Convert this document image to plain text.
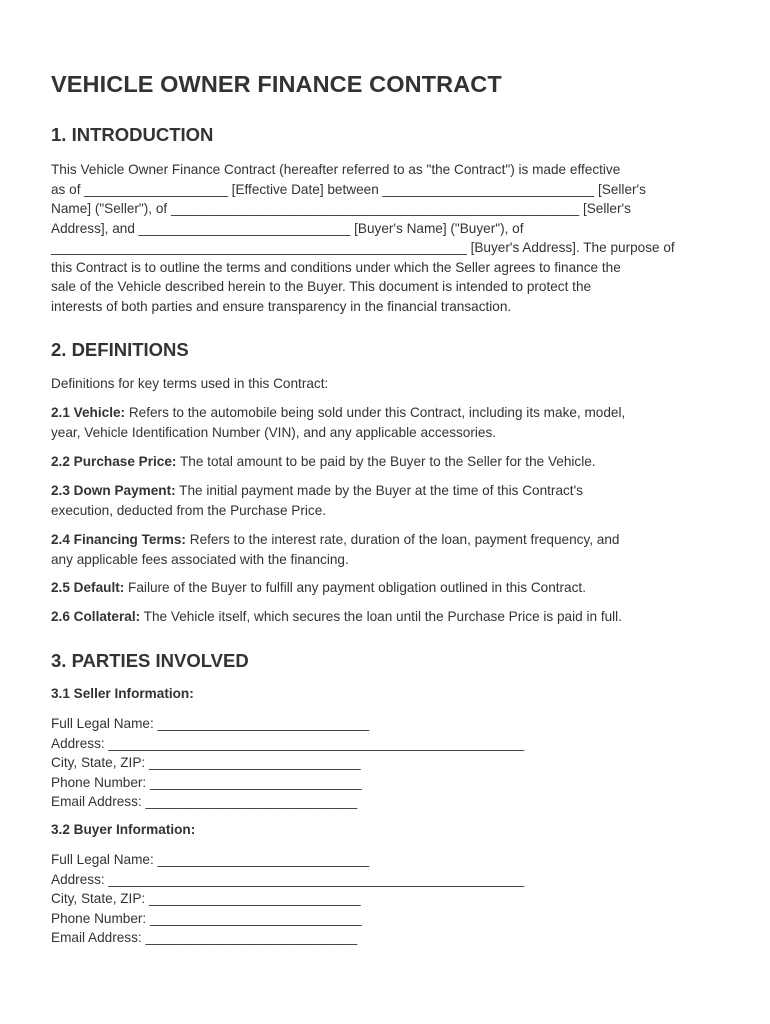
VEHICLE OWNER FINANCE CONTRACT
1. INTRODUCTION
This Vehicle Owner Finance Contract (hereafter referred to as "the Contract") is made effective
as of ___________________ [Effective Date] between ____________________________ [Seller's
Name] ("Seller"), of ______________________________________________________ [Seller's
Address], and ____________________________ [Buyer's Name] ("Buyer"), of
_______________________________________________________ [Buyer's Address]. The purpose of
this Contract is to outline the terms and conditions under which the Seller agrees to finance the
sale of the Vehicle described herein to the Buyer. This document is intended to protect the
interests of both parties and ensure transparency in the financial transaction.
2. DEFINITIONS

Definitions for key terms used in this Contract:

2.1 Vehicle: Refers to the automobile being sold under this Contract, including its make, model,
year, Vehicle Identification Number (VIN), and any applicable accessories.
2.2 Purchase Price: The total amount to be paid by the Buyer to the Seller for the Vehicle.
2.3 Down Payment: The initial payment made by the Buyer at the time of this Contract's
execution, deducted from the Purchase Price.
2.4 Financing Terms: Refers to the interest rate, duration of the loan, payment frequency, and
any applicable fees associated with the financing.
2.5 Default: Failure of the Buyer to fulfill any payment obligation outlined in this Contract.
2.6 Collateral: The Vehicle itself, which secures the loan until the Purchase Price is paid in full.
3. PARTIES INVOLVED
3.1 Seller Information:
Full Legal Name: ____________________________
Address: _______________________________________________________
City, State, ZIP: ____________________________
Phone Number: ____________________________
Email Address: ____________________________
3.2 Buyer Information:
Full Legal Name: ____________________________
Address: _______________________________________________________
City, State, ZIP: ____________________________
Phone Number: ____________________________
Email Address: ____________________________
